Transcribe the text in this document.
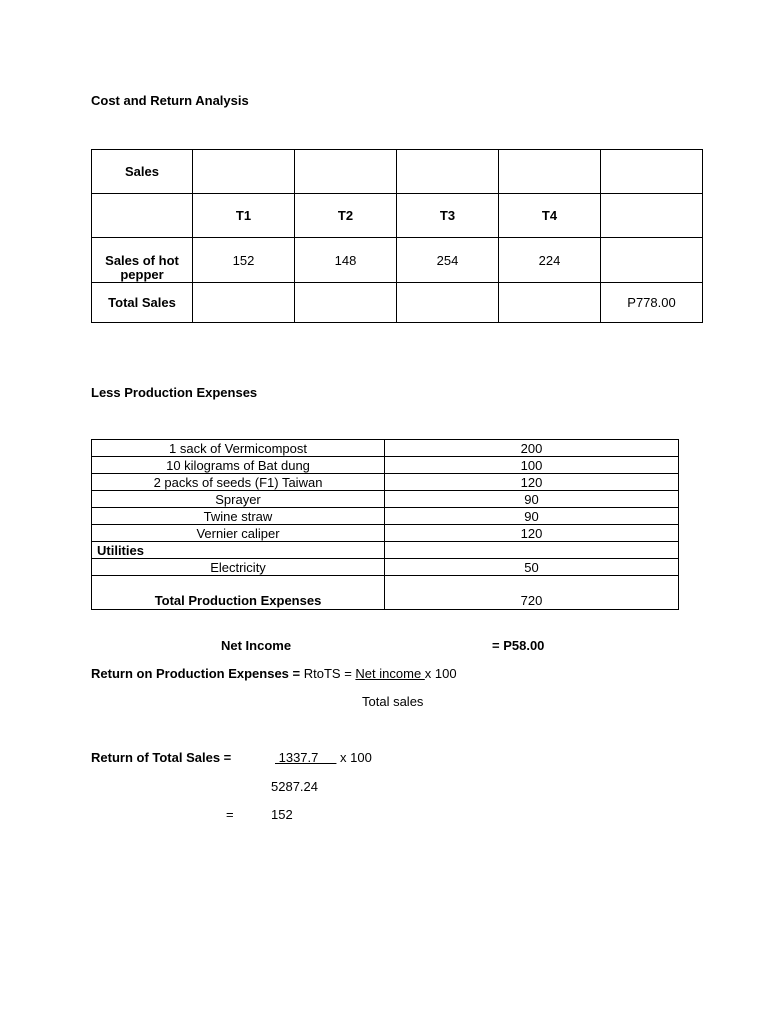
Cost and Return Analysis
Sales					
	T1	T2	T3	T4	
Sales of hot pepper	152	148	254	224	
Total Sales					P778.00
Less Production Expenses
1 sack of Vermicompost	200
10 kilograms of Bat dung	100
2 packs of seeds (F1) Taiwan	120
Sprayer	90
Twine straw	90
Vernier caliper	120
Utilities	
Electricity	50
Total Production Expenses	720
Net Income	= P58.00
Return on Production Expenses = RtoTS = Net income x 100
Total sales
Return of Total Sales =	1337.7      x 100
5287.24
=	152
